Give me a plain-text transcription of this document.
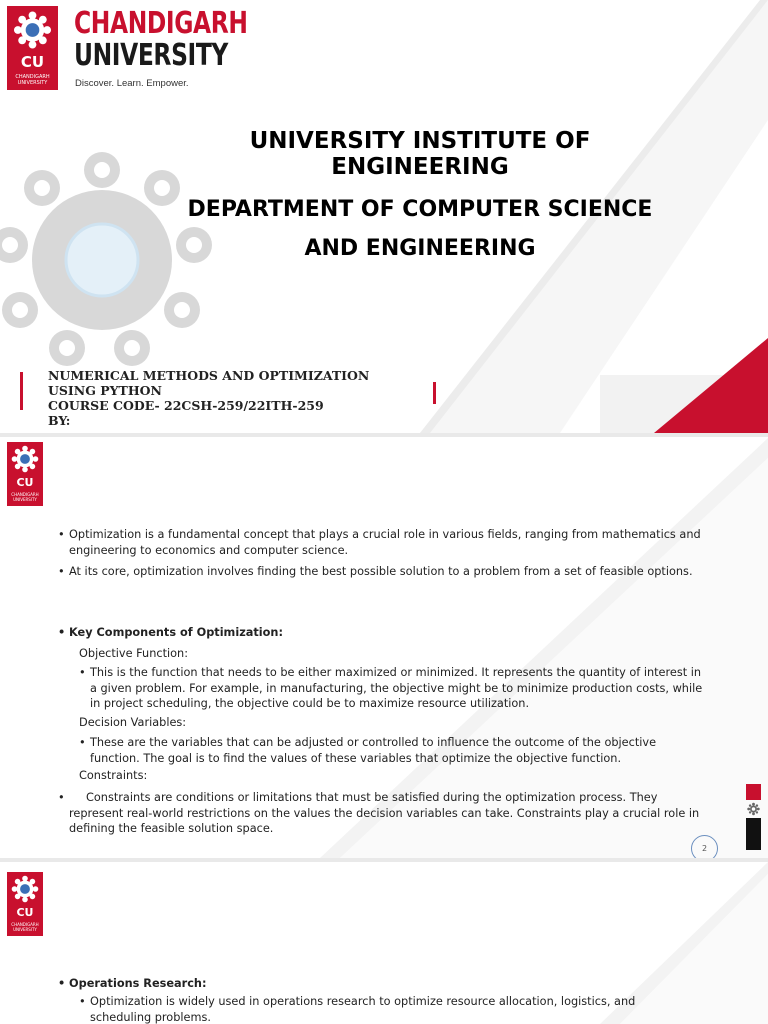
CU
CHANDIGARH UNIVERSITY
CHANDIGARH
UNIVERSITY
Discover. Learn. Empower.
UNIVERSITY INSTITUTE OF
ENGINEERING
DEPARTMENT OF COMPUTER SCIENCE
AND ENGINEERING
NUMERICAL METHODS AND OPTIMIZATION
USING PYTHON
COURSE CODE- 22CSH-259/22ITH-259
BY:
CU
CHANDIGARH UNIVERSITY
• Optimization is a fundamental concept that plays a crucial role in various fields, ranging from mathematics and engineering to economics and computer science.
• At its core, optimization involves finding the best possible solution to a problem from a set of feasible options.
• Key Components of Optimization:
Objective Function:
• This is the function that needs to be either maximized or minimized. It represents the quantity of interest in a given problem. For example, in manufacturing, the objective might be to minimize production costs, while in project scheduling, the objective could be to maximize resource utilization.
Decision Variables:
• These are the variables that can be adjusted or controlled to influence the outcome of the objective function. The goal is to find the values of these variables that optimize the objective function.
Constraints:
•	Constraints are conditions or limitations that must be satisfied during the optimization process. They represent real-world restrictions on the values the decision variables can take. Constraints play a crucial role in defining the feasible solution space.
2
CU
CHANDIGARH UNIVERSITY
• Operations Research:
• Optimization is widely used in operations research to optimize resource allocation, logistics, and scheduling problems.
